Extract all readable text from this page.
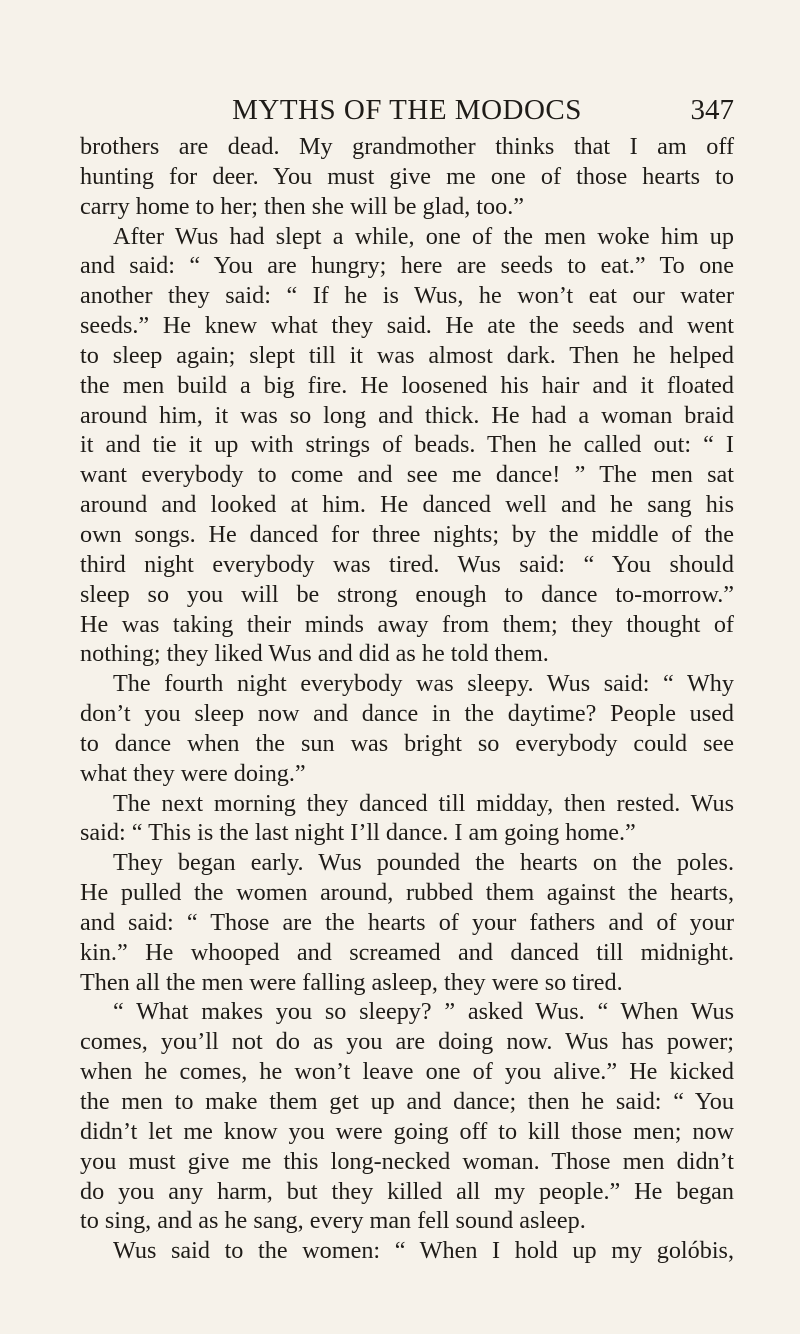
MYTHS OF THE MODOCS	347
brothers are dead. My grandmother thinks that I am off
hunting for deer. You must give me one of those hearts to
carry home to her; then she will be glad, too.”
After Wus had slept a while, one of the men woke him up
and said: “ You are hungry; here are seeds to eat.” To one
another they said: “ If he is Wus, he won’t eat our water
seeds.” He knew what they said. He ate the seeds and went
to sleep again; slept till it was almost dark. Then he helped
the men build a big fire. He loosened his hair and it floated
around him, it was so long and thick. He had a woman braid
it and tie it up with strings of beads. Then he called out: “ I
want everybody to come and see me dance! ” The men sat
around and looked at him. He danced well and he sang his
own songs. He danced for three nights; by the middle of the
third night everybody was tired. Wus said: “ You should
sleep so you will be strong enough to dance to-morrow.”
He was taking their minds away from them; they thought of
nothing; they liked Wus and did as he told them.
The fourth night everybody was sleepy. Wus said: “ Why
don’t you sleep now and dance in the daytime? People used
to dance when the sun was bright so everybody could see
what they were doing.”
The next morning they danced till midday, then rested. Wus
said: “ This is the last night I’ll dance. I am going home.”
They began early. Wus pounded the hearts on the poles.
He pulled the women around, rubbed them against the hearts,
and said: “ Those are the hearts of your fathers and of your
kin.” He whooped and screamed and danced till midnight.
Then all the men were falling asleep, they were so tired.
“ What makes you so sleepy? ” asked Wus. “ When Wus
comes, you’ll not do as you are doing now. Wus has power;
when he comes, he won’t leave one of you alive.” He kicked
the men to make them get up and dance; then he said: “ You
didn’t let me know you were going off to kill those men; now
you must give me this long-necked woman. Those men didn’t
do you any harm, but they killed all my people.” He began
to sing, and as he sang, every man fell sound asleep.
Wus said to the women: “ When I hold up my golóbis,
